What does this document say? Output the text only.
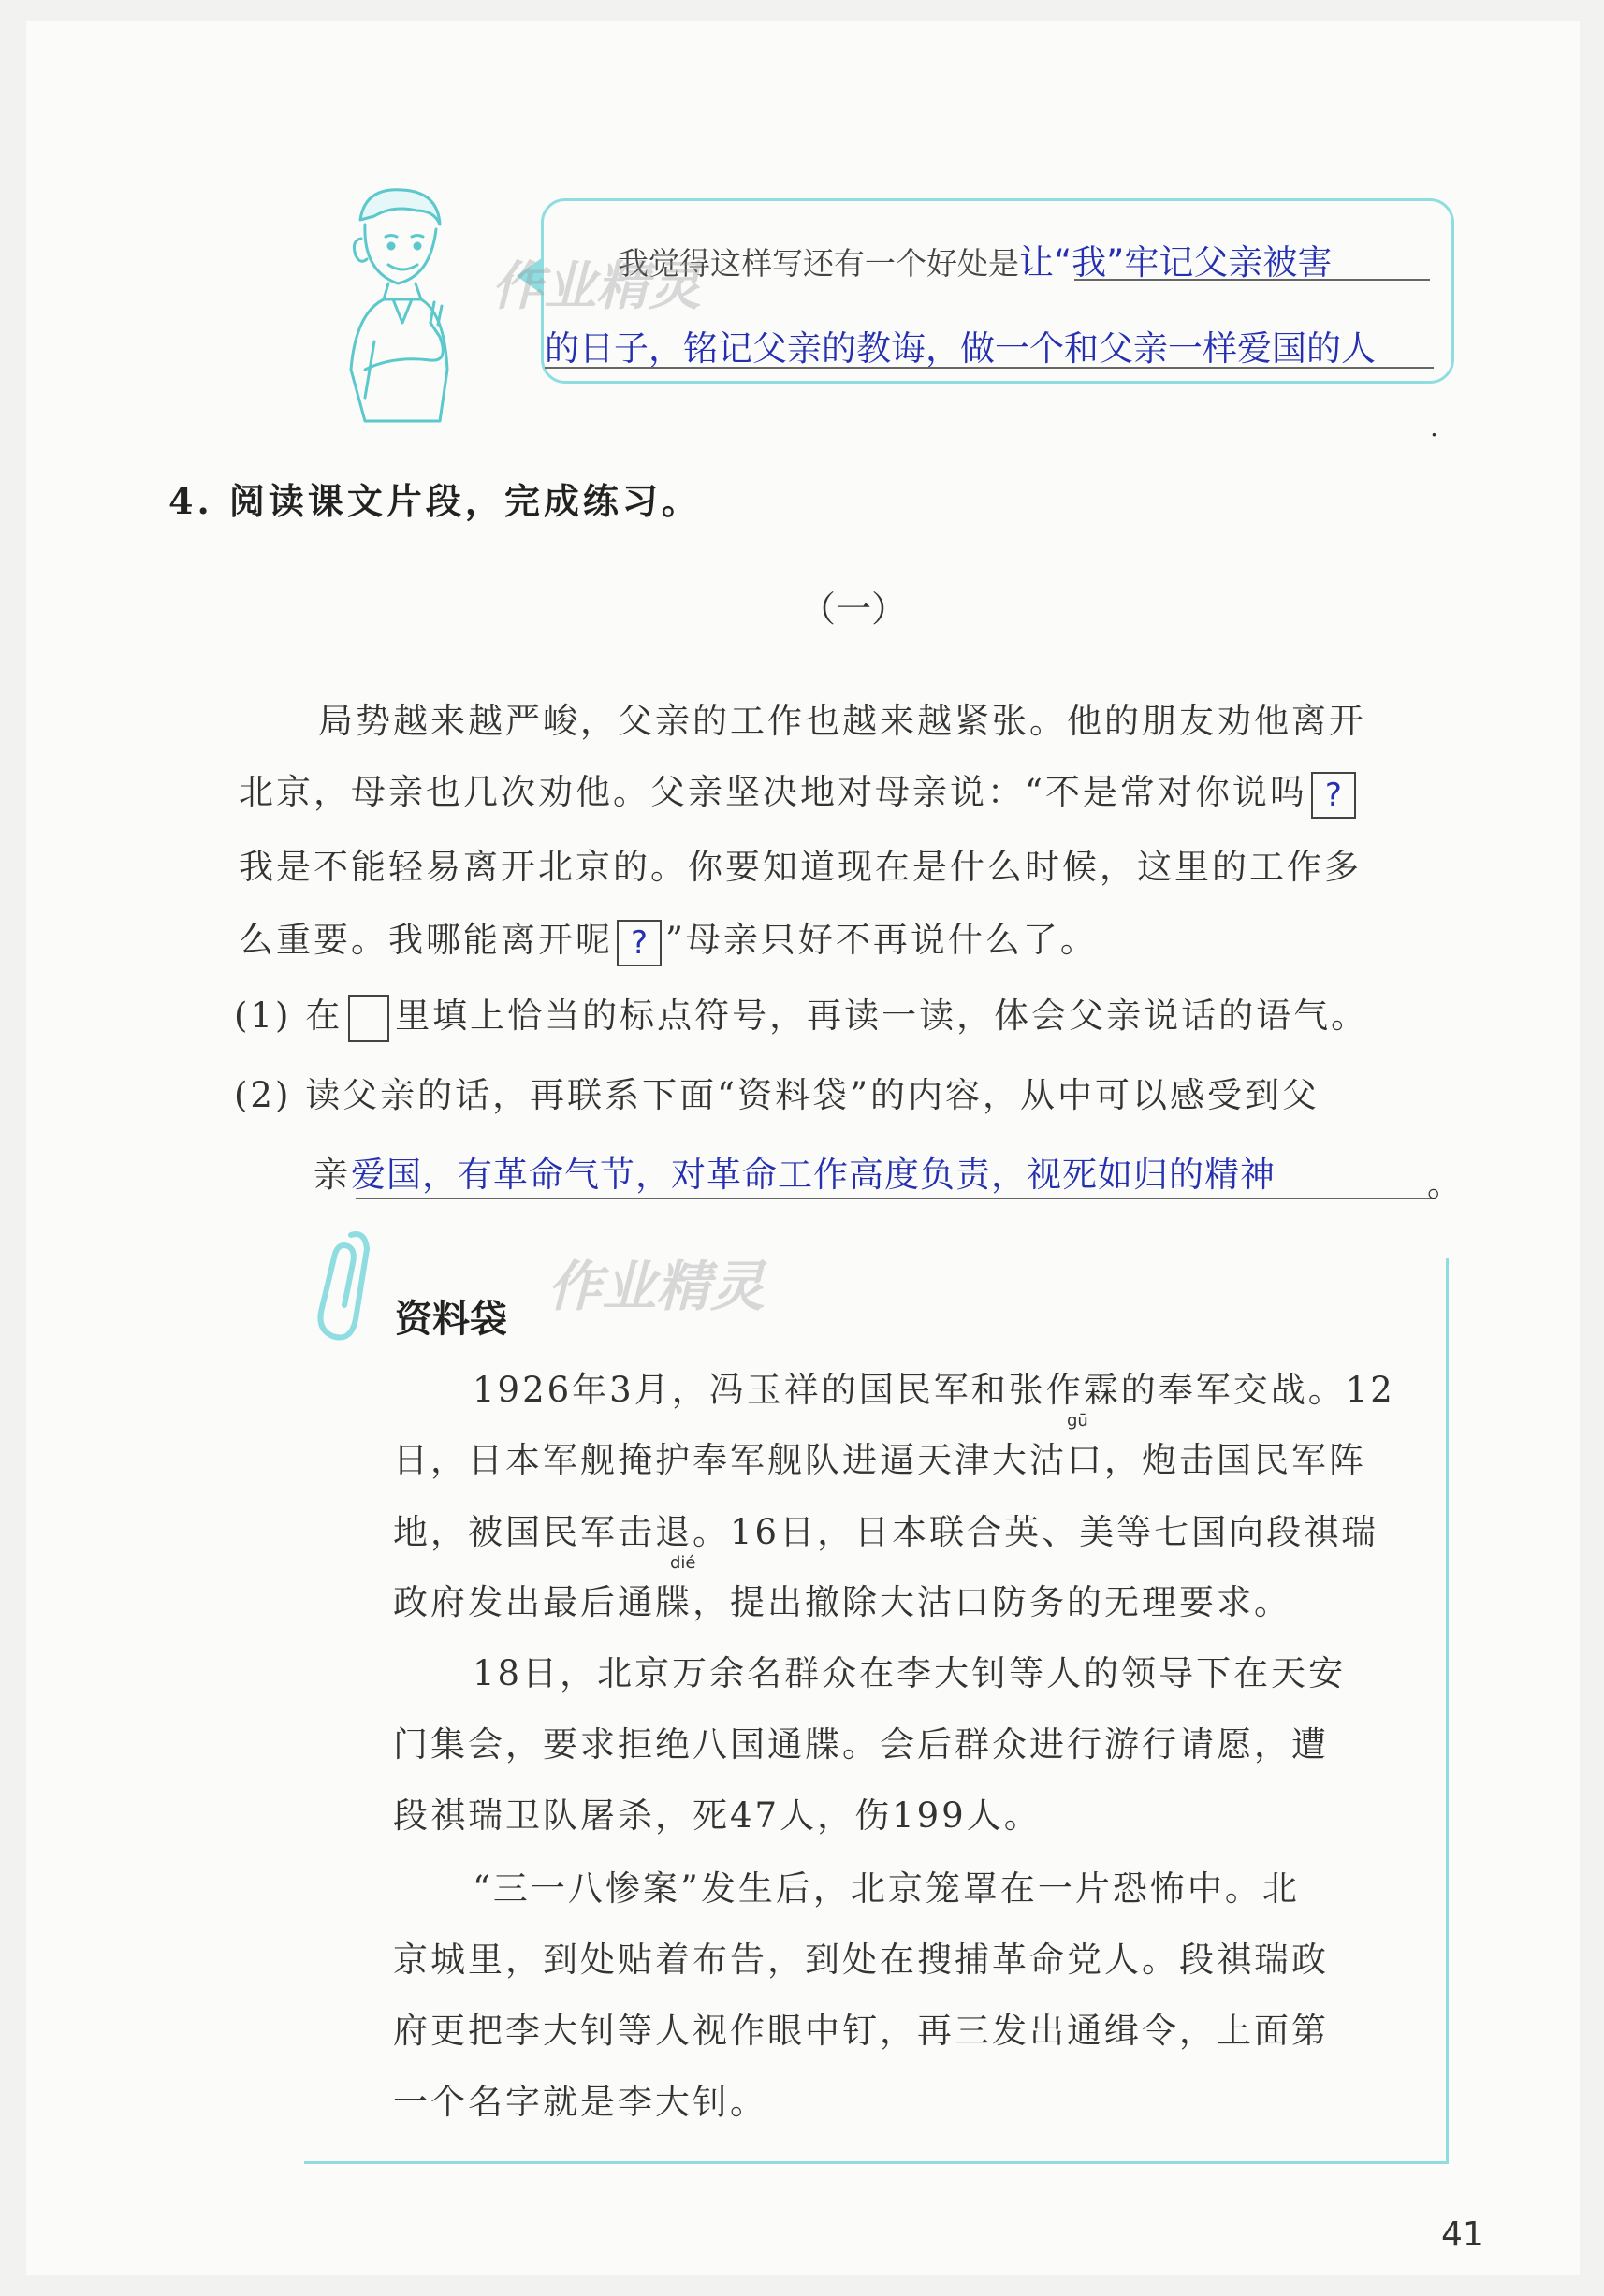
我觉得这样写还有一个好处是让“我”牢记父亲被害
的日子，铭记父亲的教诲，做一个和父亲一样爱国的人
.
作业精灵
4. 阅读课文片段，完成练习。
（一）
局势越来越严峻，父亲的工作也越来越紧张。他的朋友劝他离开
北京，母亲也几次劝他。父亲坚决地对母亲说：“不是常对你说吗 ?
我是不能轻易离开北京的。你要知道现在是什么时候，这里的工作多
么重要。我哪能离开呢 ? ”母亲只好不再说什么了。
(1) 在 里填上恰当的标点符号，再读一读，体会父亲说话的语气。
(2) 读父亲的话，再联系下面“资料袋”的内容，从中可以感受到父
亲爱国，有革命气节，对革命工作高度负责，视死如归的精神	。
资料袋
作业精灵
1926年3月，冯玉祥的国民军和张作霖的奉军交战。12
gū
日，日本军舰掩护奉军舰队进逼天津大沽口，炮击国民军阵
地，被国民军击退。16日，日本联合英、美等七国向段祺瑞
dié
政府发出最后通牒，提出撤除大沽口防务的无理要求。
18日，北京万余名群众在李大钊等人的领导下在天安
门集会，要求拒绝八国通牒。会后群众进行游行请愿，遭
段祺瑞卫队屠杀，死47人，伤199人。
“三一八惨案”发生后，北京笼罩在一片恐怖中。北
京城里，到处贴着布告，到处在搜捕革命党人。段祺瑞政
府更把李大钊等人视作眼中钉，再三发出通缉令，上面第
一个名字就是李大钊。
41
